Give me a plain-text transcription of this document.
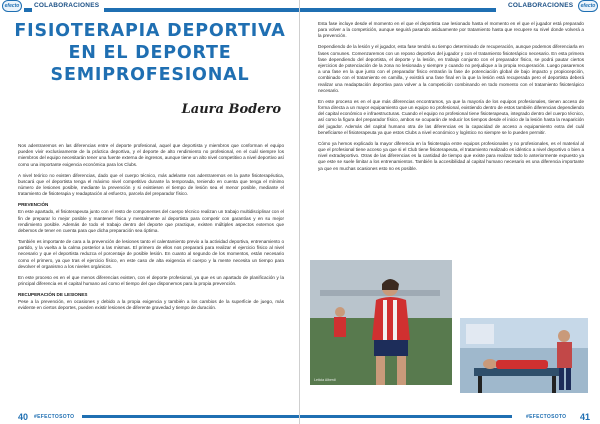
efecto	COLABORACIONES
FISIOTERAPIA DEPORTIVA EN EL DEPORTE SEMIPROFESIONAL
Laura Bodero

Nos adentraremos en las diferencias entre el deporte profesional, aquel que deportista y miembros que conforman el equipo pueden vivir exclusivamente de la práctica deportiva, y el deporte de alto rendimiento no profesional, en el cuál siempre los miembros del equipo necesitarán tener una fuente externa de ingresos, aunque tiene un alto nivel competitivo a nivel deportivo así como una importante exigencia económica para los Clubs.

A nivel teórico no existen diferencias, dado que el cuerpo técnico, más adelante nos adentraremos en la parte fisioterapéutica, buscará que el deportista tenga el máximo nivel competitivo durante la temporada, teniendo en cuenta que tenga el mínimo número de lesiones posible, mediante la prevención y si existiesen el tiempo de lesión sea el menor posible, mediante el tratamiento de fisioterapia y readaptación al esfuerzo, parcela del preparador físico.

PREVENCIÓN

En este apartado, el fisioterapeuta junto con el resto de componentes del cuerpo técnico realizan un trabajo multidisciplinar con el fin de preparar lo mejor posible y mantener física y mentalmente al deportista para competir con garantías y en su mejor rendimiento posible. Además de todo el trabajo dentro del deporte que practique, existen múltiples aspectos externos que debemos de tener en cuenta para que dicha preparación sea óptima.

También es importante de cara a la prevención de lesiones tanto el calentamiento previo a la actividad deportiva, entrenamiento o partido, y la vuelta a la calma posterior a las mismas. El primero de ellos nos preparará para realizar el ejercicio físico al nivel necesario y que el deportista reduzca el porcentaje de posible lesión. En cuanto al segundo de los momentos, están necesario como el primero, ya que tras el ejercicio físico, en este caso de alta exigencia el cuerpo y la mente necesita un tiempo para devolver el organismo a los niveles orgánicos.

En este proceso es en el que menos diferencias existen, con el deporte profesional, ya que es un apartado de planificación y la principal diferencia es el capital humano así como el tiempo del que disponemos para la propia prevención.

RECUPERACIÓN DE LESIONES

Pese a la prevención, en ocasiones y debido a la propia exigencia y también a los cambios de la superficie de juego, más evidente en ciertos deportes, pueden existir lesiones de diferente gravedad y tiempo de duración.

40 #EFECTOSOTO
COLABORACIONES	efecto

Esta fase incluye desde el momento en el que el deportista cae lesionado hasta el momento en el que el jugador está preparado para volver a la competición, aunque seguirá pasando asiduamente por tratamiento hasta que recupere su nivel donde volverá a la prevención.

Dependiendo de la lesión y el jugador, esta fase tendrá su tiempo determinado de recuperación, aunque podemos diferenciarla en fases comunes. Comenzaremos con un reposo deportivo del jugador y con el tratamiento fisioterápico necesario. En esta primera fase dependiendo del deportista, el deporte y la lesión, en trabajo conjunto con el preparador físico, se podrá pautar ciertos ejercicios de potenciación de la zona no lesionada y siempre y cuando no perjudique a la propia recuperación. Luego pasaremos a una fase en la que junto con el preparador físico entrarán la fase de potenciación global de bajo impacto y propiocepción, combinado con el tratamiento en camilla, y existirá una fase final en la que la lesión está recuperada pero el deportista deberá realizar una readaptación deportiva para volver a la competición combinando en todo momento con el tratamiento fisioterápico necesario.

En este proceso es en el que más diferencias encontramos, ya que la mayoría de los equipos profesionales, tienen acceso de forma directa a un mayor equipamiento que un equipo no profesional, existiendo dentro de estos también diferencias dependiendo del capital económico e infraestructuras. Cuando el equipo no profesional tiene fisioterapeuta, integrado dentro del cuerpo técnico, así como la figura del preparador físico, ambos se ocuparán de reducir los tiempos desde el inicio de la lesión hasta la reaparición del jugador. Además del capital humano otra de las diferencias es la capacidad de acceso a equipamiento extra del cuál beneficiarse el fisioterapeuta ya que estos Clubs a nivel económico y logístico no siempre se lo pueden permitir.

Cómo ya hemos explicado la mayor diferencia en la fisioterapia entre equipos profesionales y no profesionales, es el material al que el profesional tiene acceso ya que si el Club tiene fisioterapeuta, el tratamiento realizado es idéntico a nivel deportivo o bien a nivel extradeportivo. Otras de las diferencias es la cantidad de tiempo que existe para realizar todo lo anteriormente expuesto ya que este se suele limitar a los entrenamientos. También la accesibilidad al capital humano necesario es una diferencia importante ya que en muchas ocasiones esto no es posible.

Leticia Alberdi
#EFECTOSOTO 41
